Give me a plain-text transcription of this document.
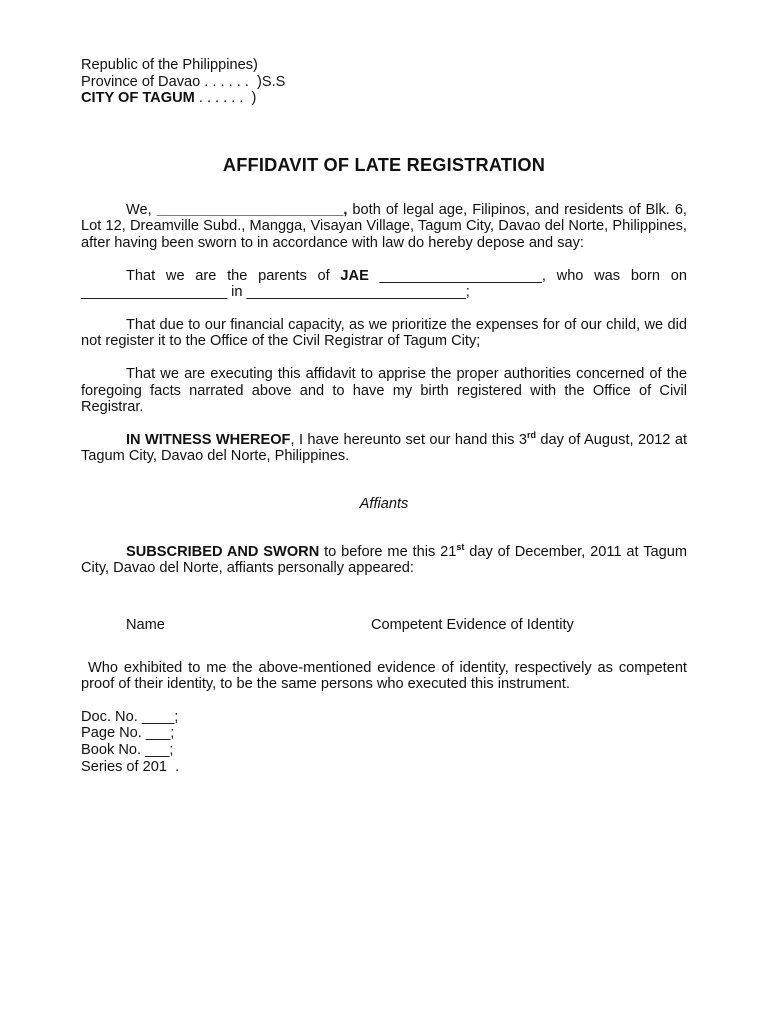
Republic of the Philippines)
Province of Davao . . . . . .  )S.S
CITY OF TAGUM . . . . . .  )
AFFIDAVIT OF LATE REGISTRATION

We, _______________________, both of legal age, Filipinos, and residents of Blk. 6, Lot 12, Dreamville Subd., Mangga, Visayan Village, Tagum City, Davao del Norte, Philippines, after having been sworn to in accordance with law do hereby depose and say:

That we are the parents of JAE ____________________, who was born on __________________ in ___________________________;

That due to our financial capacity, as we prioritize the expenses for of our child, we did not register it to the Office of the Civil Registrar of Tagum City;

That we are executing this affidavit to apprise the proper authorities concerned of the foregoing facts narrated above and to have my birth registered with the Office of Civil Registrar.

IN WITNESS WHEREOF, I have hereunto set our hand this 3rd day of August, 2012 at Tagum City, Davao del Norte, Philippines.

Affiants

SUBSCRIBED AND SWORN to before me this 21st day of December, 2011 at Tagum City, Davao del Norte, affiants personally appeared:

Name	Competent Evidence of Identity

Who exhibited to me the above-mentioned evidence of identity, respectively as competent proof of their identity, to be the same persons who executed this instrument.

Doc. No. ____;
Page No. ___;
Book No. ___;
Series of 201  .
